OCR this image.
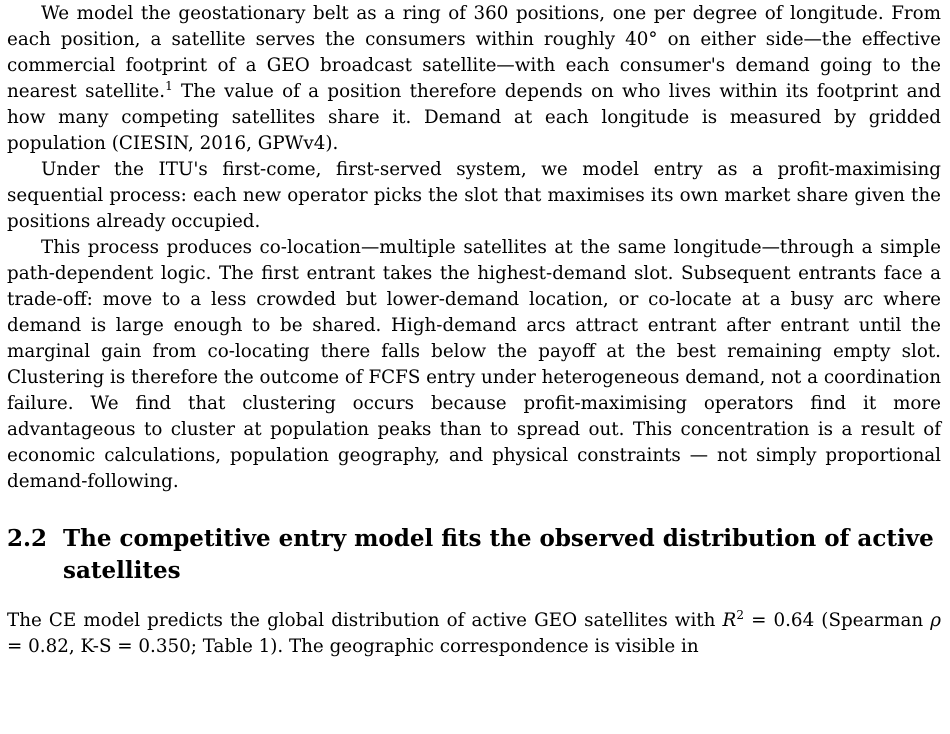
We model the geostationary belt as a ring of 360 positions, one per degree of longitude. From each position, a satellite serves the consumers within roughly 40° on either side—the effective commercial footprint of a GEO broadcast satellite—with each consumer's demand going to the nearest satellite.$^1$ The value of a position therefore depends on who lives within its footprint and how many competing satellites share it. Demand at each longitude is measured by gridded population (CIESIN, 2016, GPWv4).

Under the ITU's first-come, first-served system, we model entry as a profit-maximising sequential process: each new operator picks the slot that maximises its own market share given the positions already occupied.

This process produces co-location—multiple satellites at the same longitude—through a simple path-dependent logic. The first entrant takes the highest-demand slot. Subsequent entrants face a trade-off: move to a less crowded but lower-demand location, or co-locate at a busy arc where demand is large enough to be shared. High-demand arcs attract entrant after entrant until the marginal gain from co-locating there falls below the payoff at the best remaining empty slot. Clustering is therefore the outcome of FCFS entry under heterogeneous demand, not a coordination failure. We find that clustering occurs because profit-maximising operators find it more advantageous to cluster at population peaks than to spread out. This concentration is a result of economic calculations, population geography, and physical constraints — not simply proportional demand-following.

2.2 The competitive entry model fits the observed distribution of active satellites

The CE model predicts the global distribution of active GEO satellites with $R^2 = 0.64$ (Spearman ρ = 0.82, K-S = 0.350; Table 1). The geographic correspondence is visible in
